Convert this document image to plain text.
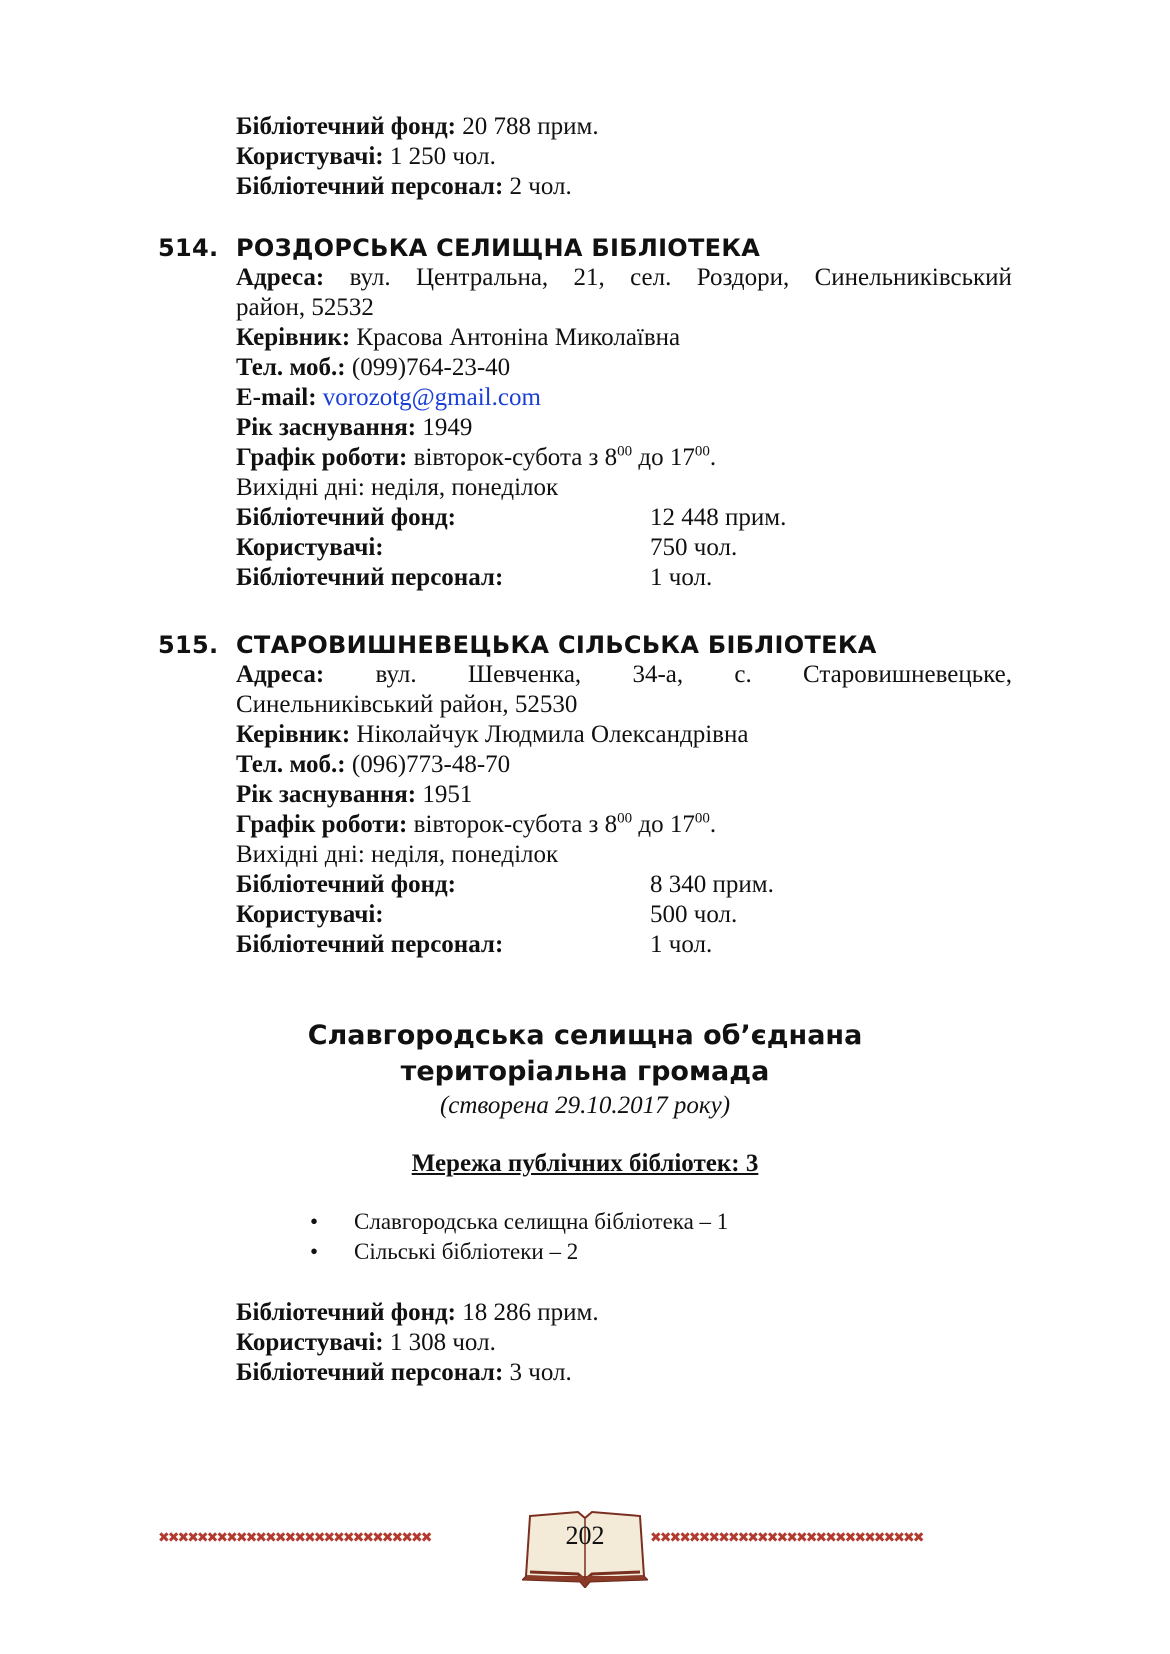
Бібліотечний фонд: 20 788 прим.
Користувачі: 1 250 чол.
Бібліотечний персонал: 2 чол.
514. РОЗДОРСЬКА СЕЛИЩНА БІБЛІОТЕКА
Адреса: вул. Центральна, 21, сел. Роздори, Синельниківський
район, 52532
Керівник: Красова Антоніна Миколаївна
Тел. моб.: (099)764-23-40
E-mail: vorozotg@gmail.com
Рік заснування: 1949
Графік роботи: вівторок-субота з $8^{00}$ до $17^{00}$.
Вихідні дні: неділя, понеділок
Бібліотечний фонд:	12 448 прим.
Користувачі:	750 чол.
Бібліотечний персонал:	1 чол.
515. СТАРОВИШНЕВЕЦЬКА СІЛЬСЬКА БІБЛІОТЕКА
Адреса: вул. Шевченка, 34-а, с. Старовишневецьке,
Синельниківський район, 52530
Керівник: Ніколайчук Людмила Олександрівна
Тел. моб.: (096)773-48-70
Рік заснування: 1951
Графік роботи: вівторок-субота з $8^{00}$ до $17^{00}$.
Вихідні дні: неділя, понеділок
Бібліотечний фонд:	8 340 прим.
Користувачі:	500 чол.
Бібліотечний персонал:	1 чол.
Славгородська селищна об’єднана
територіальна громада
(створена 29.10.2017 року)
Мережа публічних бібліотек: 3
• Славгородська селищна бібліотека – 1
• Сільські бібліотеки – 2
Бібліотечний фонд: 18 286 прим.
Користувачі: 1 308 чол.
Бібліотечний персонал: 3 чол.
✖✖✖✖✖✖✖✖✖✖✖✖✖✖✖✖✖✖✖✖✖✖✖✖✖✖✖✖	✖✖✖✖✖✖✖✖✖✖✖✖✖✖✖✖✖✖✖✖✖✖✖✖✖✖✖✖
202
